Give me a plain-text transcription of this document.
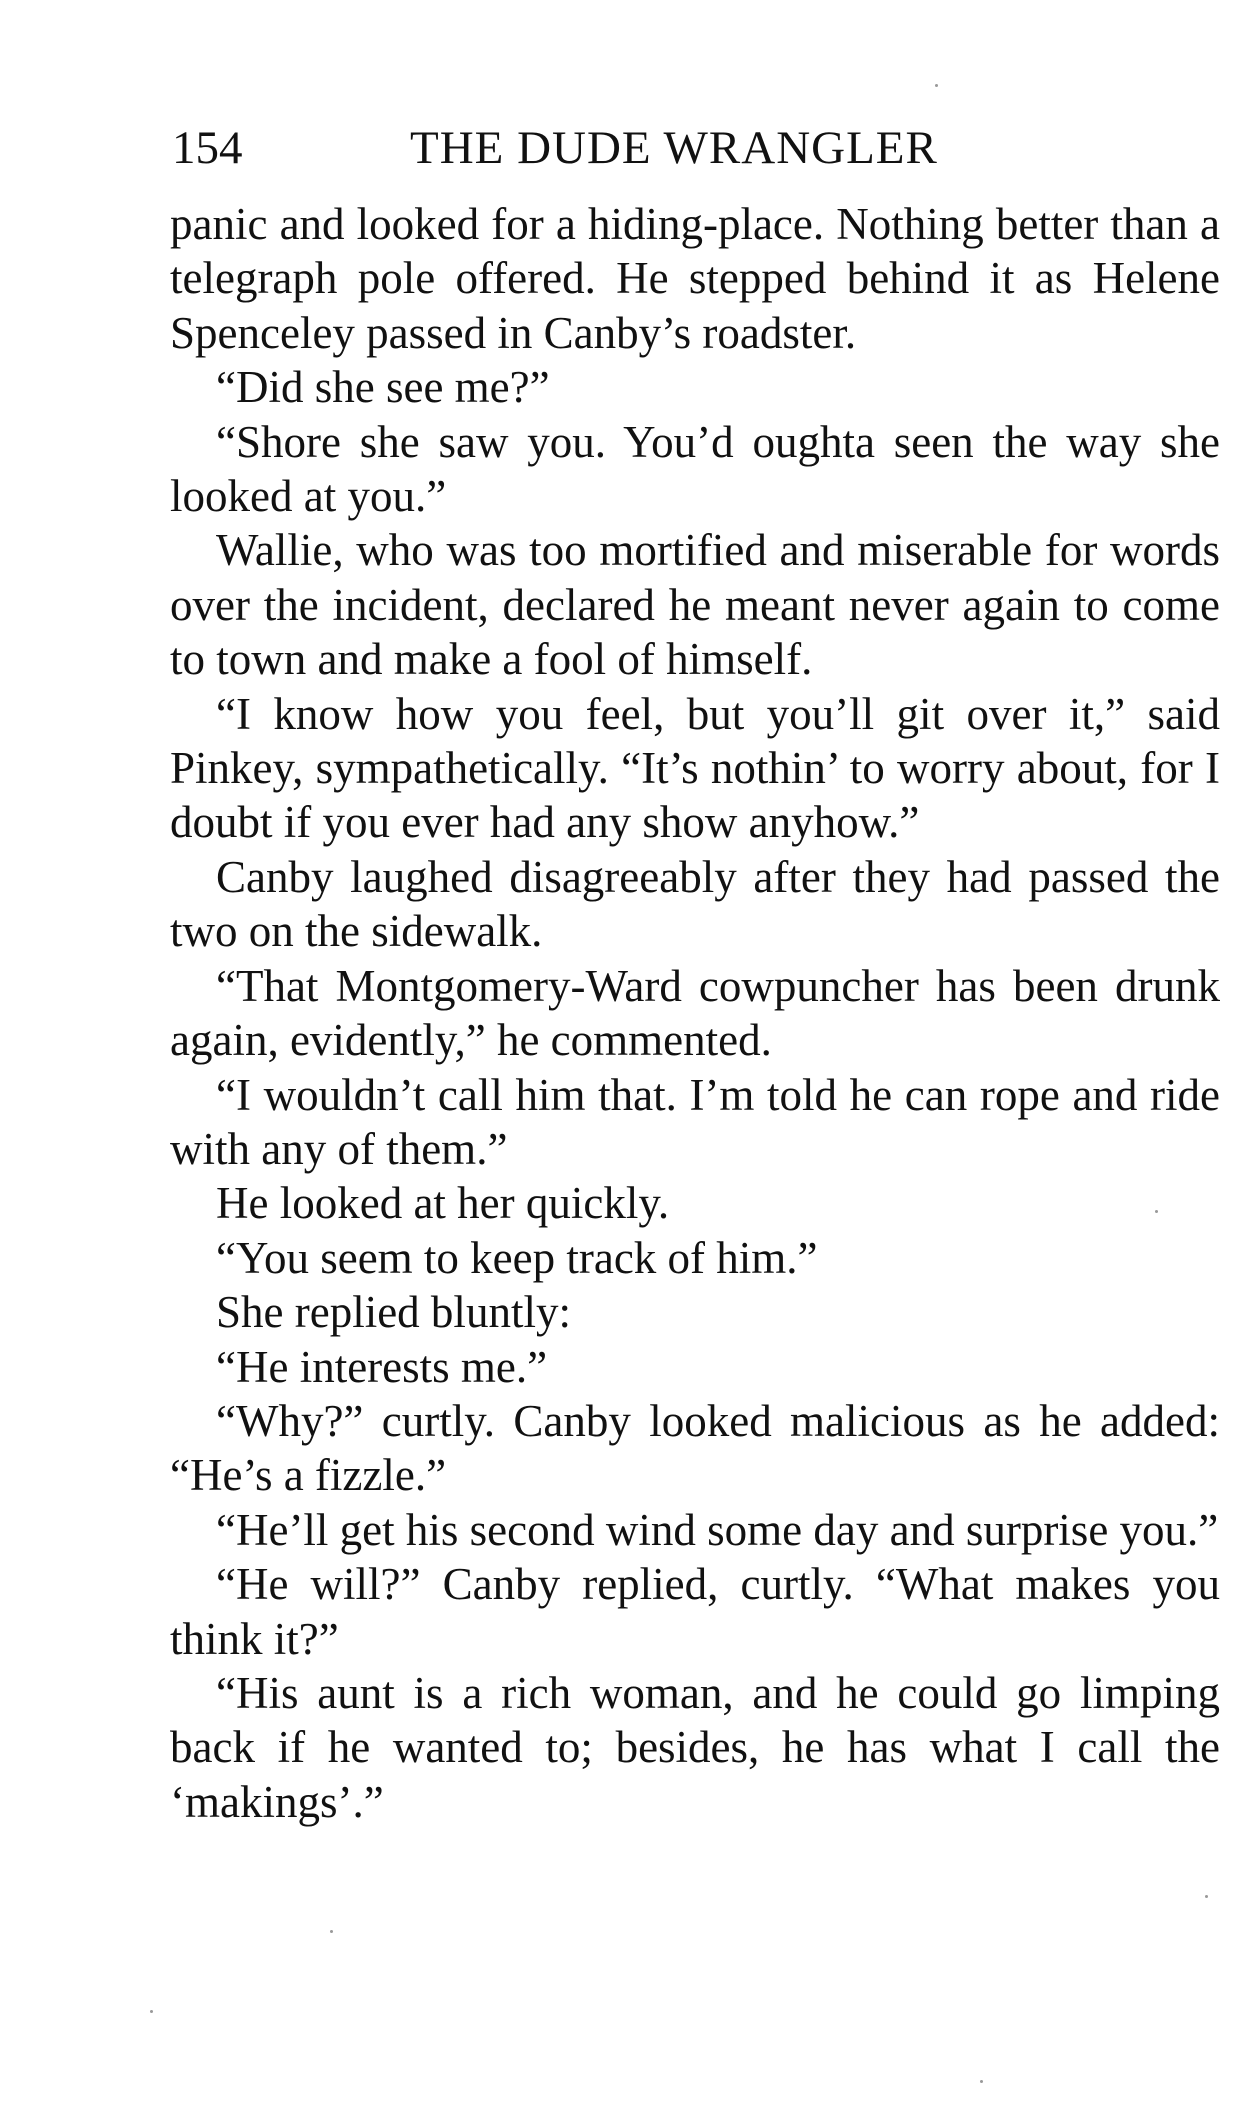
154	THE DUDE WRANGLER

panic and looked for a hiding-place. Nothing better than a telegraph pole offered. He stepped behind it as Helene Spenceley passed in Canby’s roadster.

“Did she see me?”

“Shore she saw you. You’d oughta seen the way she looked at you.”

Wallie, who was too mortified and miserable for words over the incident, declared he meant never again to come to town and make a fool of himself.

“I know how you feel, but you’ll git over it,” said Pinkey, sympathetically. “It’s nothin’ to worry about, for I doubt if you ever had any show anyhow.”

Canby laughed disagreeably after they had passed the two on the sidewalk.

“That Montgomery-Ward cowpuncher has been drunk again, evidently,” he commented.

“I wouldn’t call him that. I’m told he can rope and ride with any of them.”

He looked at her quickly.

“You seem to keep track of him.”

She replied bluntly:

“He interests me.”

“Why?” curtly. Canby looked malicious as he added: “He’s a fizzle.”

“He’ll get his second wind some day and surprise you.”

“He will?” Canby replied, curtly. “What makes you think it?”

“His aunt is a rich woman, and he could go limping back if he wanted to; besides, he has what I call the ‘makings’.”
